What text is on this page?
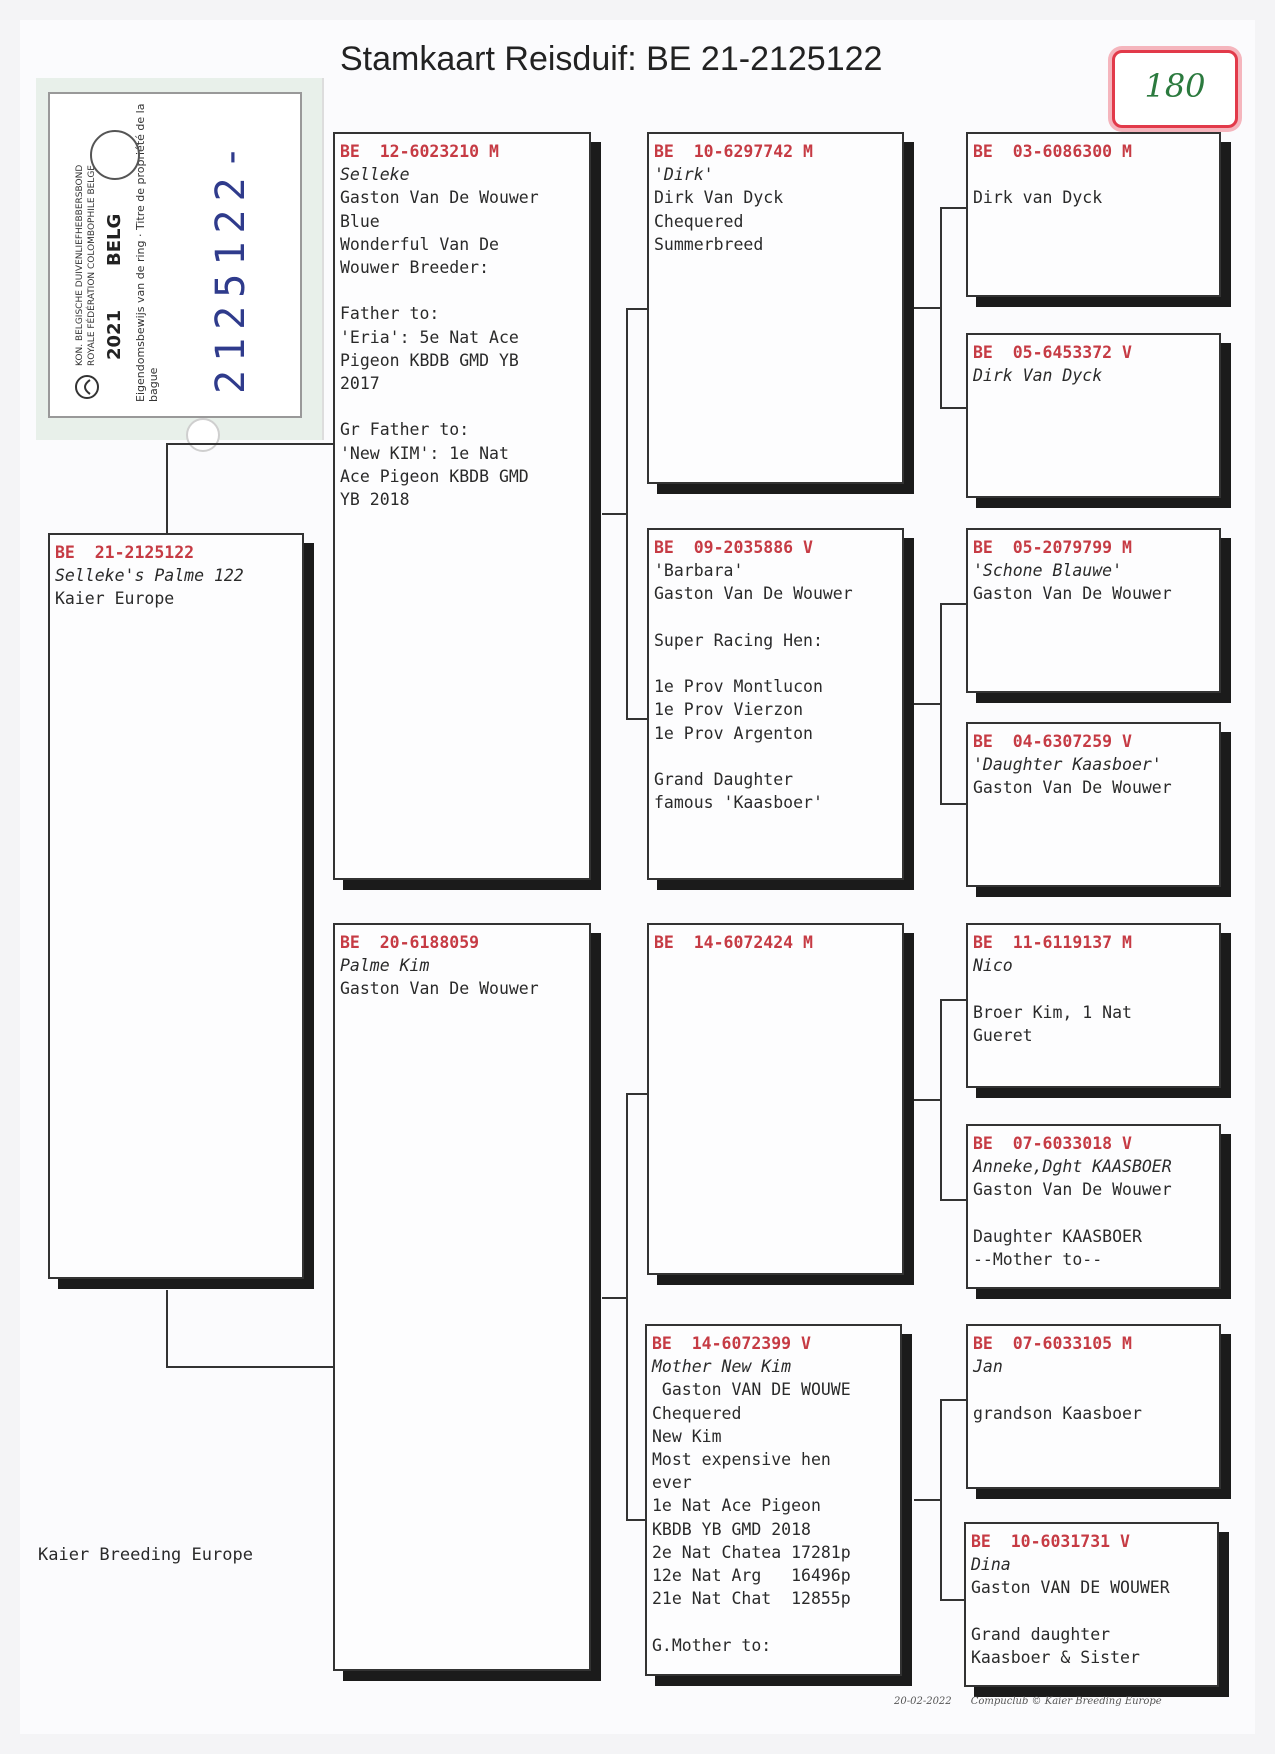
Stamkaart Reisduif: BE 21-2125122
180
KON. BELGISCHE DUIVENLIEFHEBBERSBOND ROYALE FÉDÉRATION COLOMBOPHILE BELGE 2021
BELG Eigendomsbewijs van de ring · Titre de propriété de la bague 2125122-
BE  21-2125122
Selleke's Palme 122
Kaier Europe
BE  12-6023210 M
Selleke
Gaston Van De Wouwer
Blue
Wonderful Van De
Wouwer Breeder:
Father to:
'Eria': 5e Nat Ace
Pigeon KBDB GMD YB
2017
Gr Father to:
'New KIM': 1e Nat
Ace Pigeon KBDB GMD
YB 2018
BE  20-6188059
Palme Kim
Gaston Van De Wouwer
BE  10-6297742 M
'Dirk'
Dirk Van Dyck
Chequered
Summerbreed
BE  09-2035886 V
'Barbara'
Gaston Van De Wouwer
Super Racing Hen:
1e Prov Montlucon
1e Prov Vierzon
1e Prov Argenton
Grand Daughter
famous 'Kaasboer'
BE  14-6072424 M
BE  14-6072399 V
Mother New Kim
Gaston VAN DE WOUWE
Chequered
New Kim
Most expensive hen
ever
1e Nat Ace Pigeon
KBDB YB GMD 2018
2e Nat Chatea 17281p
12e Nat Arg   16496p
21e Nat Chat  12855p
G.Mother to:
BE  03-6086300 M
Dirk van Dyck
BE  05-6453372 V
Dirk Van Dyck
BE  05-2079799 M
'Schone Blauwe'
Gaston Van De Wouwer
BE  04-6307259 V
'Daughter Kaasboer'
Gaston Van De Wouwer
BE  11-6119137 M
Nico
Broer Kim, 1 Nat
Gueret
BE  07-6033018 V
Anneke,Dght KAASBOER
Gaston Van De Wouwer
Daughter KAASBOER
--Mother to--
BE  07-6033105 M
Jan
grandson Kaasboer
BE  10-6031731 V
Dina
Gaston VAN DE WOUWER
Grand daughter
Kaasboer & Sister
Kaier Breeding Europe
20-02-2022 Compuclub © Kaier Breeding Europe
